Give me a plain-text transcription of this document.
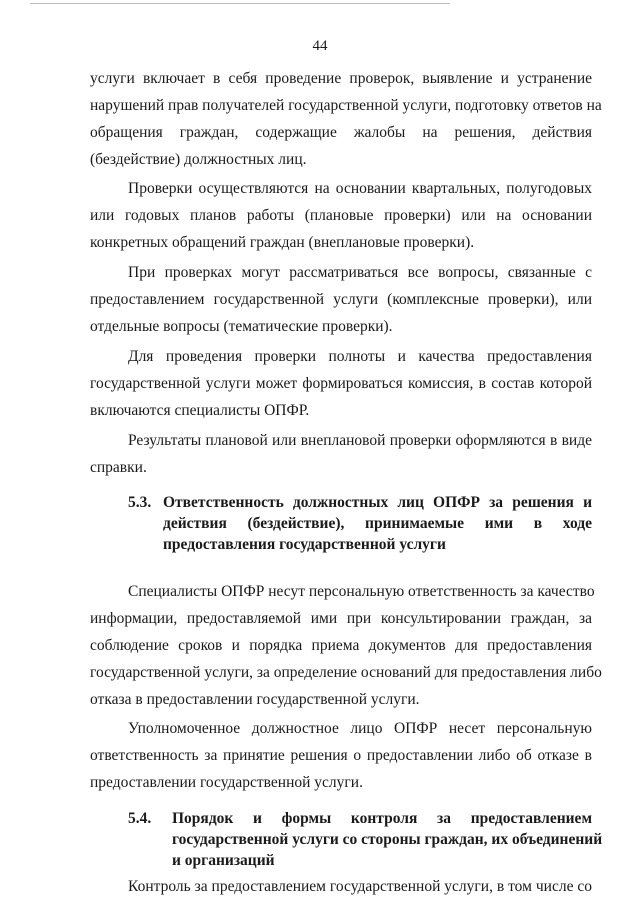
44
услуги включает в себя проведение проверок, выявление и устранение
нарушений прав получателей государственной услуги, подготовку ответов на
обращения граждан, содержащие жалобы на решения, действия
(бездействие) должностных лиц.
Проверки осуществляются на основании квартальных, полугодовых
или годовых планов работы (плановые проверки) или на основании
конкретных обращений граждан (внеплановые проверки).
При проверках могут рассматриваться все вопросы, связанные с
предоставлением государственной услуги (комплексные проверки), или
отдельные вопросы (тематические проверки).
Для проведения проверки полноты и качества предоставления
государственной услуги может формироваться комиссия, в состав которой
включаются специалисты ОПФР.
Результаты плановой или внеплановой проверки оформляются в виде
справки.
5.3. Ответственность должностных лиц ОПФР за решения и
действия (бездействие), принимаемые ими в ходе
предоставления государственной услуги
Специалисты ОПФР несут персональную ответственность за качество
информации, предоставляемой ими при консультировании граждан, за
соблюдение сроков и порядка приема документов для предоставления
государственной услуги, за определение оснований для предоставления либо
отказа в предоставлении государственной услуги.
Уполномоченное должностное лицо ОПФР несет персональную
ответственность за принятие решения о предоставлении либо об отказе в
предоставлении государственной услуги.
5.4. Порядок и формы контроля за предоставлением
государственной услуги со стороны граждан, их объединений
и организаций
Контроль за предоставлением государственной услуги, в том числе со
